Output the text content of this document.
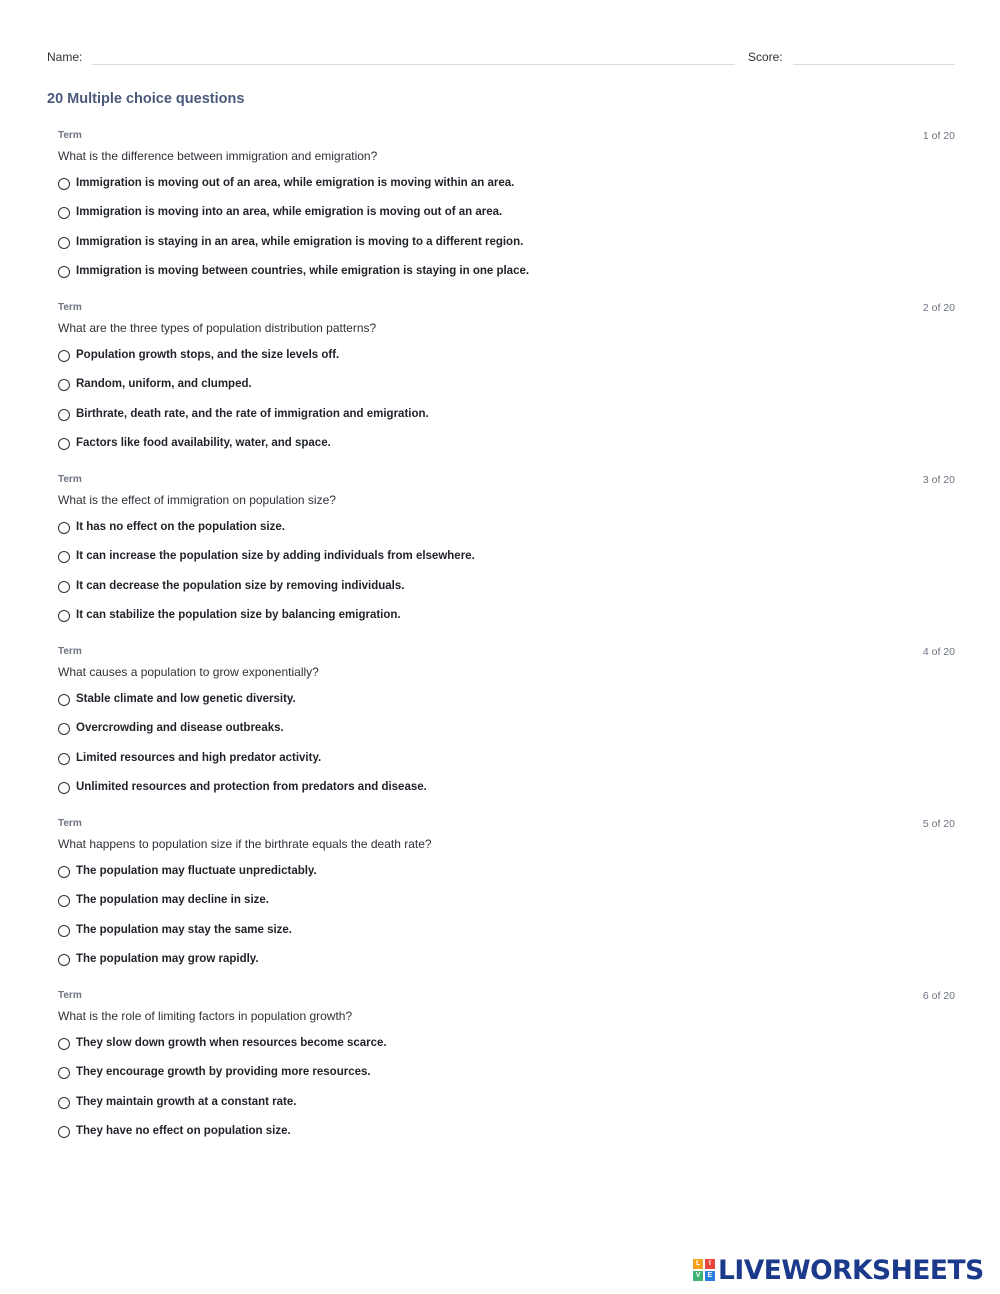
Name:	Score:
20 Multiple choice questions
Term	1 of 20
What is the difference between immigration and emigration?
Immigration is moving out of an area, while emigration is moving within an area.
Immigration is moving into an area, while emigration is moving out of an area.
Immigration is staying in an area, while emigration is moving to a different region.
Immigration is moving between countries, while emigration is staying in one place.
Term	2 of 20
What are the three types of population distribution patterns?
Population growth stops, and the size levels off.
Random, uniform, and clumped.
Birthrate, death rate, and the rate of immigration and emigration.
Factors like food availability, water, and space.
Term	3 of 20
What is the effect of immigration on population size?
It has no effect on the population size.
It can increase the population size by adding individuals from elsewhere.
It can decrease the population size by removing individuals.
It can stabilize the population size by balancing emigration.
Term	4 of 20
What causes a population to grow exponentially?
Stable climate and low genetic diversity.
Overcrowding and disease outbreaks.
Limited resources and high predator activity.
Unlimited resources and protection from predators and disease.
Term	5 of 20
What happens to population size if the birthrate equals the death rate?
The population may fluctuate unpredictably.
The population may decline in size.
The population may stay the same size.
The population may grow rapidly.
Term	6 of 20
What is the role of limiting factors in population growth?
They slow down growth when resources become scarce.
They encourage growth by providing more resources.
They maintain growth at a constant rate.
They have no effect on population size.
L	I
V	E LIVEWORKSHEETS
